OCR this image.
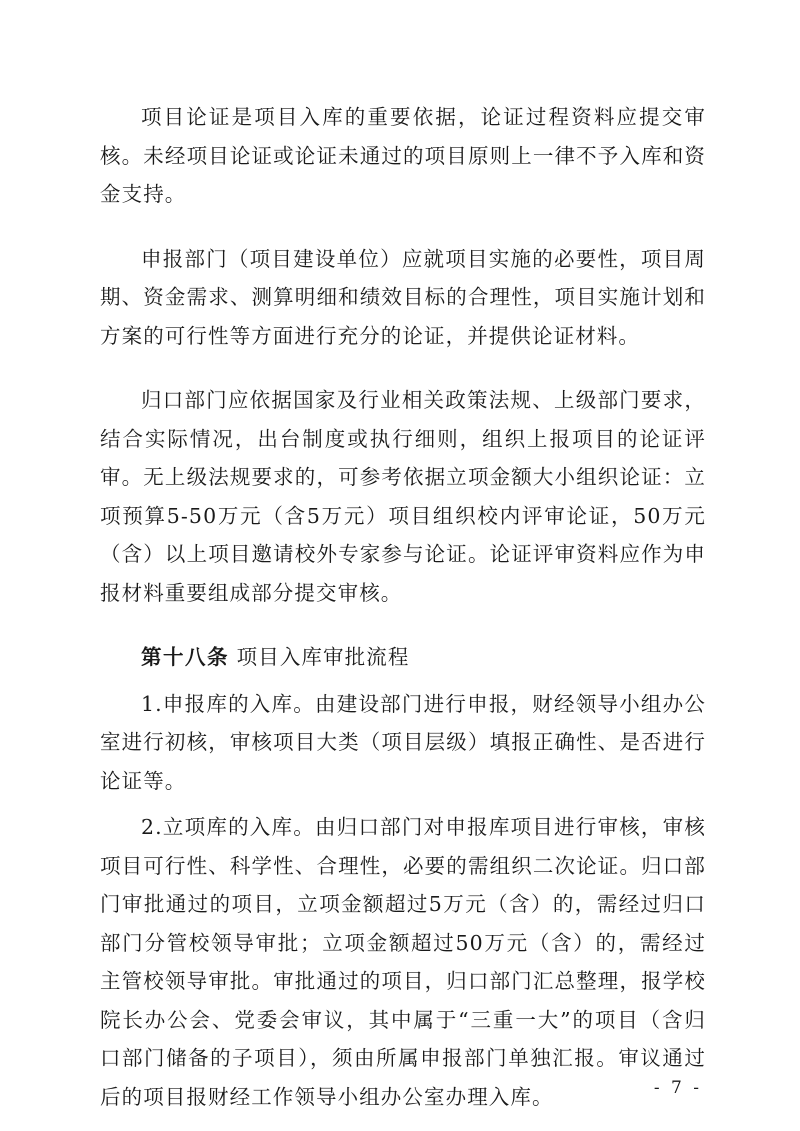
项目论证是项目入库的重要依据，论证过程资料应提交审核。未经项目论证或论证未通过的项目原则上一律不予入库和资金支持。

申报部门（项目建设单位）应就项目实施的必要性，项目周期、资金需求、测算明细和绩效目标的合理性，项目实施计划和方案的可行性等方面进行充分的论证，并提供论证材料。

归口部门应依据国家及行业相关政策法规、上级部门要求，结合实际情况，出台制度或执行细则，组织上报项目的论证评审。无上级法规要求的，可参考依据立项金额大小组织论证：立项预算5-50万元（含5万元）项目组织校内评审论证，50万元（含）以上项目邀请校外专家参与论证。论证评审资料应作为申报材料重要组成部分提交审核。

第十八条 项目入库审批流程

1.申报库的入库。由建设部门进行申报，财经领导小组办公室进行初核，审核项目大类（项目层级）填报正确性、是否进行论证等。

2.立项库的入库。由归口部门对申报库项目进行审核，审核项目可行性、科学性、合理性，必要的需组织二次论证。归口部门审批通过的项目，立项金额超过5万元（含）的，需经过归口部门分管校领导审批；立项金额超过50万元（含）的，需经过主管校领导审批。审批通过的项目，归口部门汇总整理，报学校院长办公会、党委会审议，其中属于“三重一大”的项目（含归口部门储备的子项目），须由所属申报部门单独汇报。审议通过后的项目报财经工作领导小组办公室办理入库。	- 7 -
